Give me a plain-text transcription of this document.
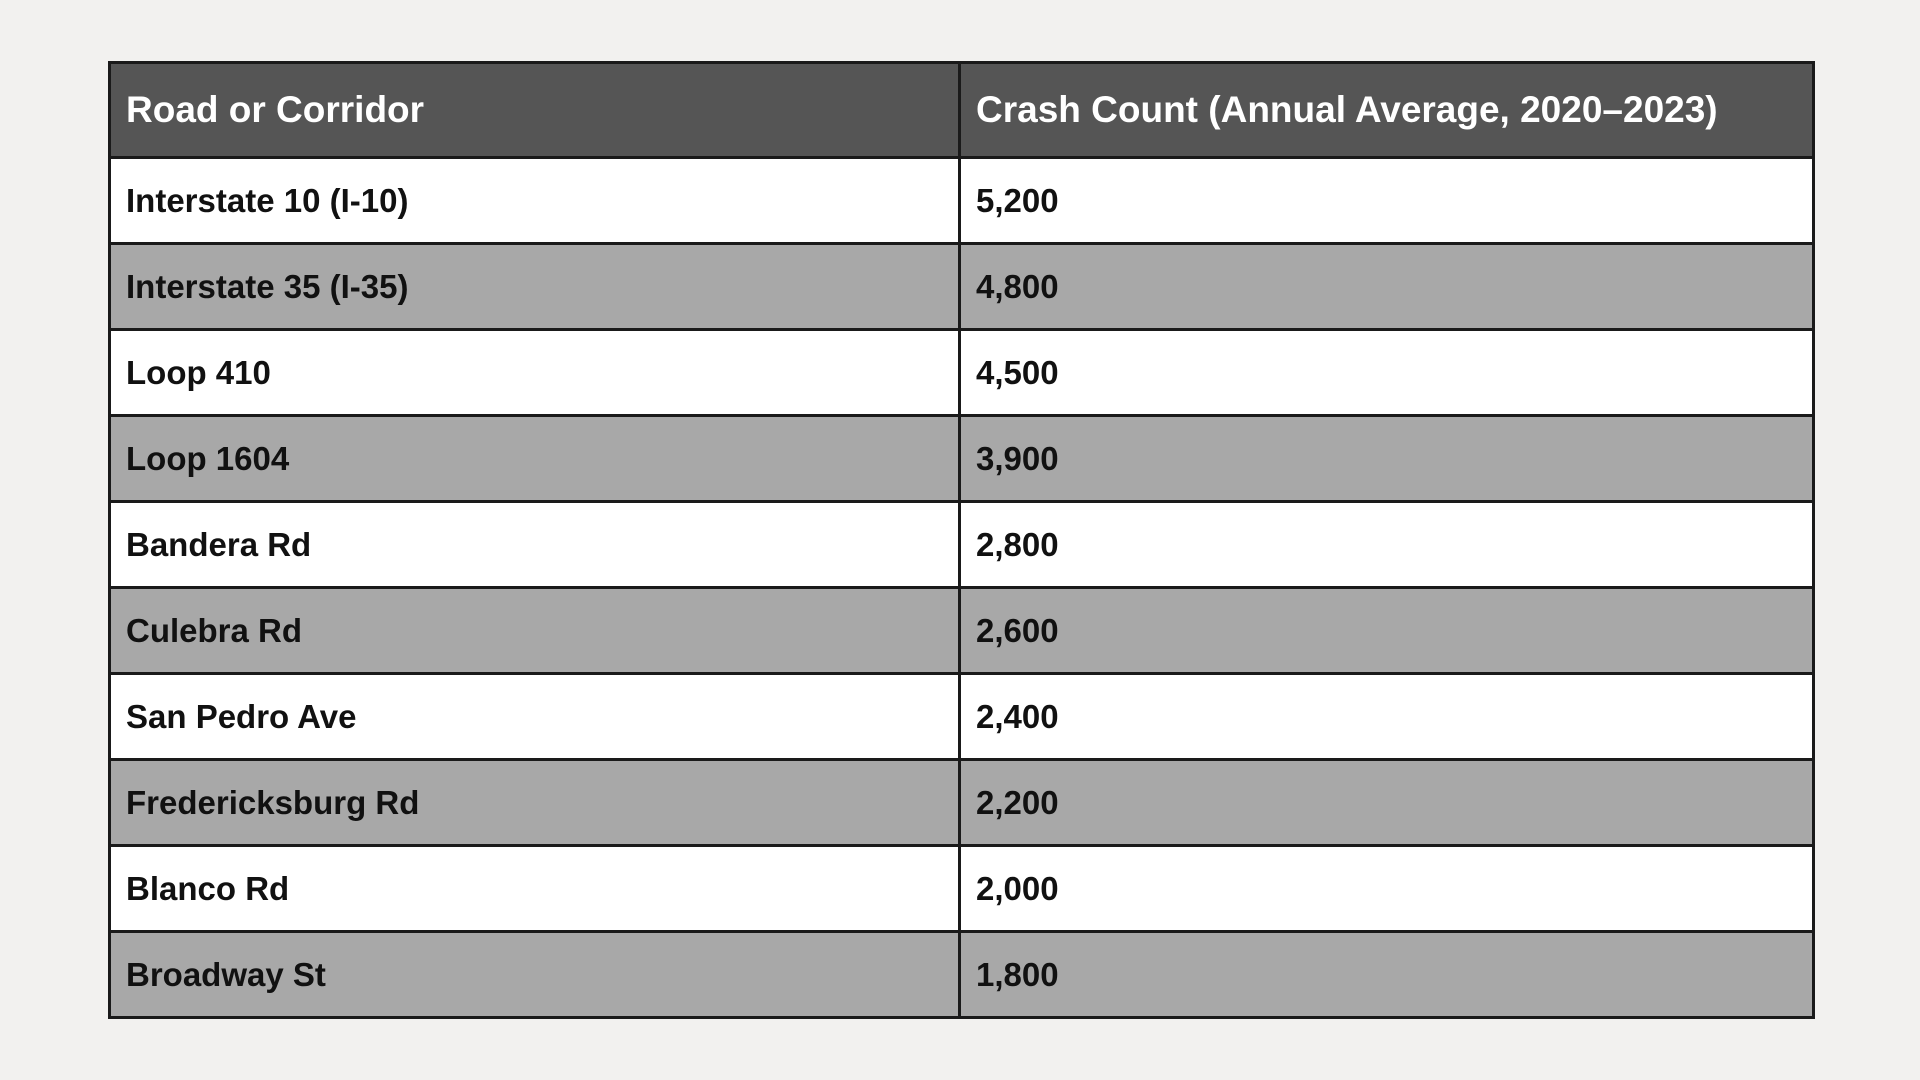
Road or Corridor	Crash Count (Annual Average, 2020–2023)
Interstate 10 (I-10)	5,200
Interstate 35 (I-35)	4,800
Loop 410	4,500
Loop 1604	3,900
Bandera Rd	2,800
Culebra Rd	2,600
San Pedro Ave	2,400
Fredericksburg Rd	2,200
Blanco Rd	2,000
Broadway St	1,800
